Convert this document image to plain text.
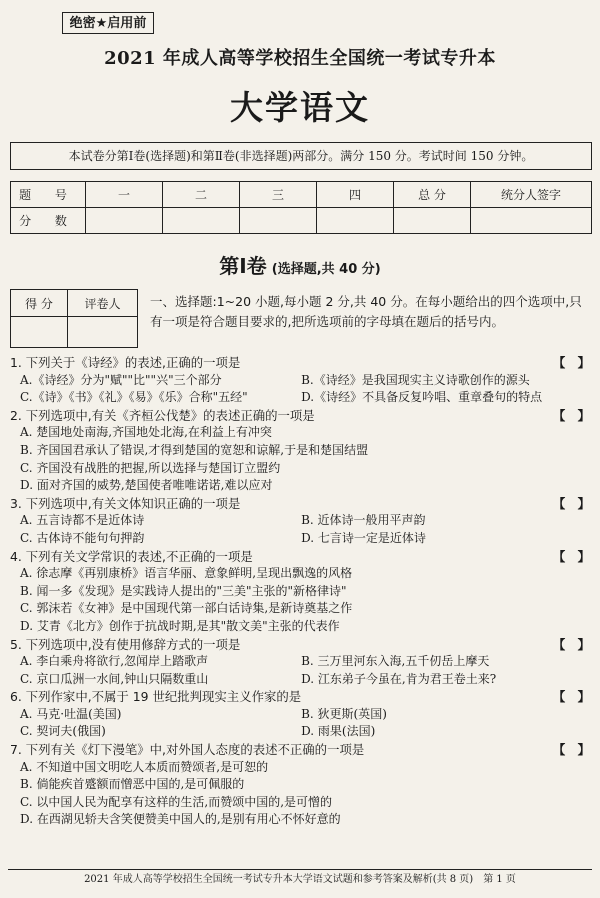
绝密★启用前
2021 年成人高等学校招生全国统一考试专升本
大学语文
本试卷分第Ⅰ卷(选择题)和第Ⅱ卷(非选择题)两部分。满分 150 分。考试时间 150 分钟。
题 号	一	二	三	四	总 分	统分人签字
分 数						
第Ⅰ卷 (选择题,共 40 分)
得 分	评卷人
	一、选择题:1~20 小题,每小题 2 分,共 40 分。在每小题给出的四个选项中,只有一项是符合题目要求的,把所选项前的字母填在题后的括号内。
1. 下列关于《诗经》的表述,正确的一项是	【　】
A.《诗经》分为"赋""比""兴"三个部分	B.《诗经》是我国现实主义诗歌创作的源头
C.《诗》《书》《礼》《易》《乐》合称"五经"	D.《诗经》不具备反复吟唱、重章叠句的特点
2. 下列选项中,有关《齐桓公伐楚》的表述正确的一项是	【　】
A. 楚国地处南海,齐国地处北海,在利益上有冲突
B. 齐国国君承认了错误,才得到楚国的宽恕和谅解,于是和楚国结盟
C. 齐国没有战胜的把握,所以选择与楚国订立盟约
D. 面对齐国的威势,楚国使者唯唯诺诺,难以应对
3. 下列选项中,有关文体知识正确的一项是	【　】
A. 五言诗都不是近体诗	B. 近体诗一般用平声韵
C. 古体诗不能句句押韵	D. 七言诗一定是近体诗
4. 下列有关文学常识的表述,不正确的一项是	【　】
A. 徐志摩《再别康桥》语言华丽、意象鲜明,呈现出飘逸的风格
B. 闻一多《发现》是实践诗人提出的"三美"主张的"新格律诗"
C. 郭沫若《女神》是中国现代第一部白话诗集,是新诗奠基之作
D. 艾青《北方》创作于抗战时期,是其"散文美"主张的代表作
5. 下列选项中,没有使用修辞方式的一项是	【　】
A. 李白乘舟将欲行,忽闻岸上踏歌声	B. 三万里河东入海,五千仞岳上摩天
C. 京口瓜洲一水间,钟山只隔数重山	D. 江东弟子今虽在,肯为君王卷土来?
6. 下列作家中,不属于 19 世纪批判现实主义作家的是	【　】
A. 马克·吐温(美国)	B. 狄更斯(英国)
C. 契诃夫(俄国)	D. 雨果(法国)
7. 下列有关《灯下漫笔》中,对外国人态度的表述不正确的一项是	【　】
A. 不知道中国文明吃人本质而赞颂者,是可恕的
B. 倘能疾首蹙额而憎恶中国的,是可佩服的
C. 以中国人民为配享有这样的生活,而赞颂中国的,是可憎的
D. 在西湖见轿夫含笑便赞美中国人的,是别有用心不怀好意的
2021 年成人高等学校招生全国统一考试专升本大学语文试题和参考答案及解析(共 8 页)　第 1 页
